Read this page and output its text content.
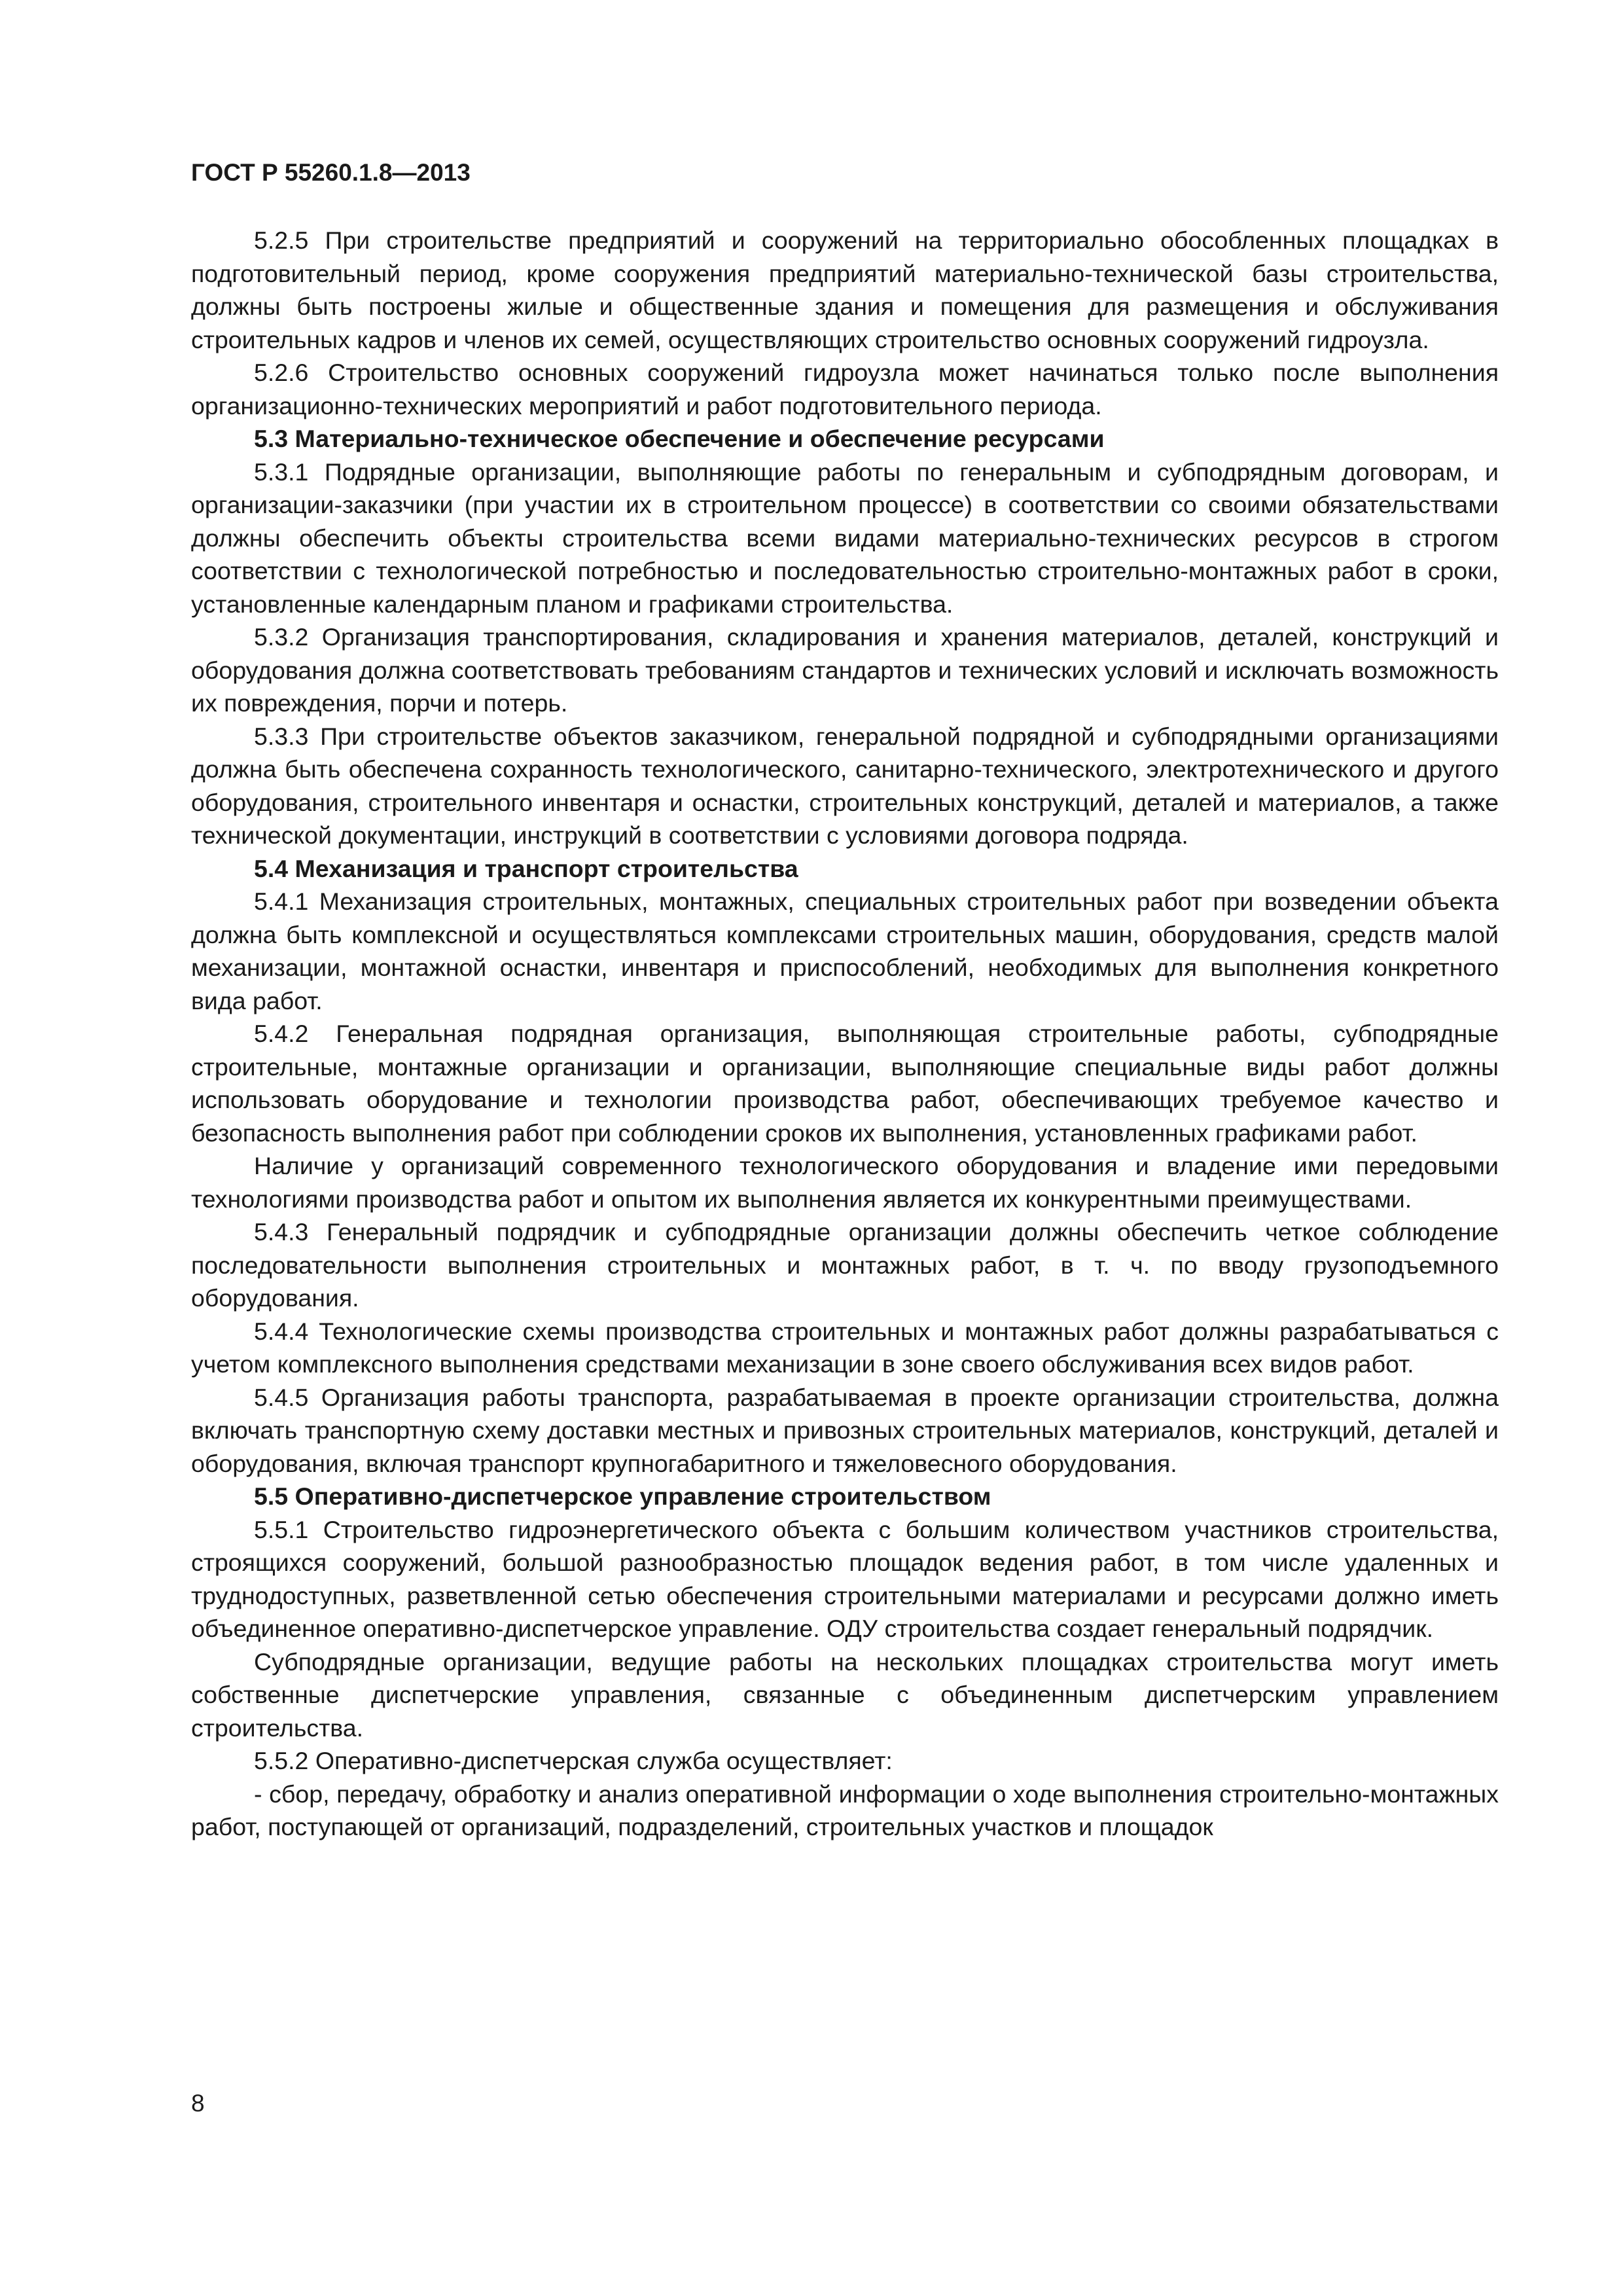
ГОСТ Р 55260.1.8—2013

5.2.5 При строительстве предприятий и сооружений на территориально обособленных площадках в подготовительный период, кроме сооружения предприятий материально-технической базы строительства, должны быть построены жилые и общественные здания и помещения для размещения и обслуживания строительных кадров и членов их семей, осуществляющих строительство основных сооружений гидроузла.

5.2.6 Строительство основных сооружений гидроузла может начинаться только после выполнения организационно-технических мероприятий и работ подготовительного периода.

5.3 Материально-техническое обеспечение и обеспечение ресурсами

5.3.1 Подрядные организации, выполняющие работы по генеральным и субподрядным договорам, и организации-заказчики (при участии их в строительном процессе) в соответствии со своими обязательствами должны обеспечить объекты строительства всеми видами материально-технических ресурсов в строгом соответствии с технологической потребностью и последовательностью строительно-монтажных работ в сроки, установленные календарным планом и графиками строительства.

5.3.2 Организация транспортирования, складирования и хранения материалов, деталей, конструкций и оборудования должна соответствовать требованиям стандартов и технических условий и исключать возможность их повреждения, порчи и потерь.

5.3.3 При строительстве объектов заказчиком, генеральной подрядной и субподрядными организациями должна быть обеспечена сохранность технологического, санитарно-технического, электротехнического и другого оборудования, строительного инвентаря и оснастки, строительных конструкций, деталей и материалов, а также технической документации, инструкций в соответствии с условиями договора подряда.

5.4 Механизация и транспорт строительства

5.4.1 Механизация строительных, монтажных, специальных строительных работ при возведении объекта должна быть комплексной и осуществляться комплексами строительных машин, оборудования, средств малой механизации, монтажной оснастки, инвентаря и приспособлений, необходимых для выполнения конкретного вида работ.

5.4.2 Генеральная подрядная организация, выполняющая строительные работы, субподрядные строительные, монтажные организации и организации, выполняющие специальные виды работ должны использовать оборудование и технологии производства работ, обеспечивающих требуемое качество и безопасность выполнения работ при соблюдении сроков их выполнения, установленных графиками работ.

Наличие у организаций современного технологического оборудования и владение ими передовыми технологиями производства работ и опытом их выполнения является их конкурентными преимуществами.

5.4.3 Генеральный подрядчик и субподрядные организации должны обеспечить четкое соблюдение последовательности выполнения строительных и монтажных работ, в т. ч. по вводу грузоподъемного оборудования.

5.4.4 Технологические схемы производства строительных и монтажных работ должны разрабатываться с учетом комплексного выполнения средствами механизации в зоне своего обслуживания всех видов работ.

5.4.5 Организация работы транспорта, разрабатываемая в проекте организации строительства, должна включать транспортную схему доставки местных и привозных строительных материалов, конструкций, деталей и оборудования, включая транспорт крупногабаритного и тяжеловесного оборудования.

5.5 Оперативно-диспетчерское управление строительством

5.5.1 Строительство гидроэнергетического объекта с большим количеством участников строительства, строящихся сооружений, большой разнообразностью площадок ведения работ, в том числе удаленных и труднодоступных, разветвленной сетью обеспечения строительными материалами и ресурсами должно иметь объединенное оперативно-диспетчерское управление. ОДУ строительства создает генеральный подрядчик.

Субподрядные организации, ведущие работы на нескольких площадках строительства могут иметь собственные диспетчерские управления, связанные с объединенным диспетчерским управлением строительства.

5.5.2 Оперативно-диспетчерская служба осуществляет:

- сбор, передачу, обработку и анализ оперативной информации о ходе выполнения строительно-монтажных работ, поступающей от организаций, подразделений, строительных участков и площадок

8
